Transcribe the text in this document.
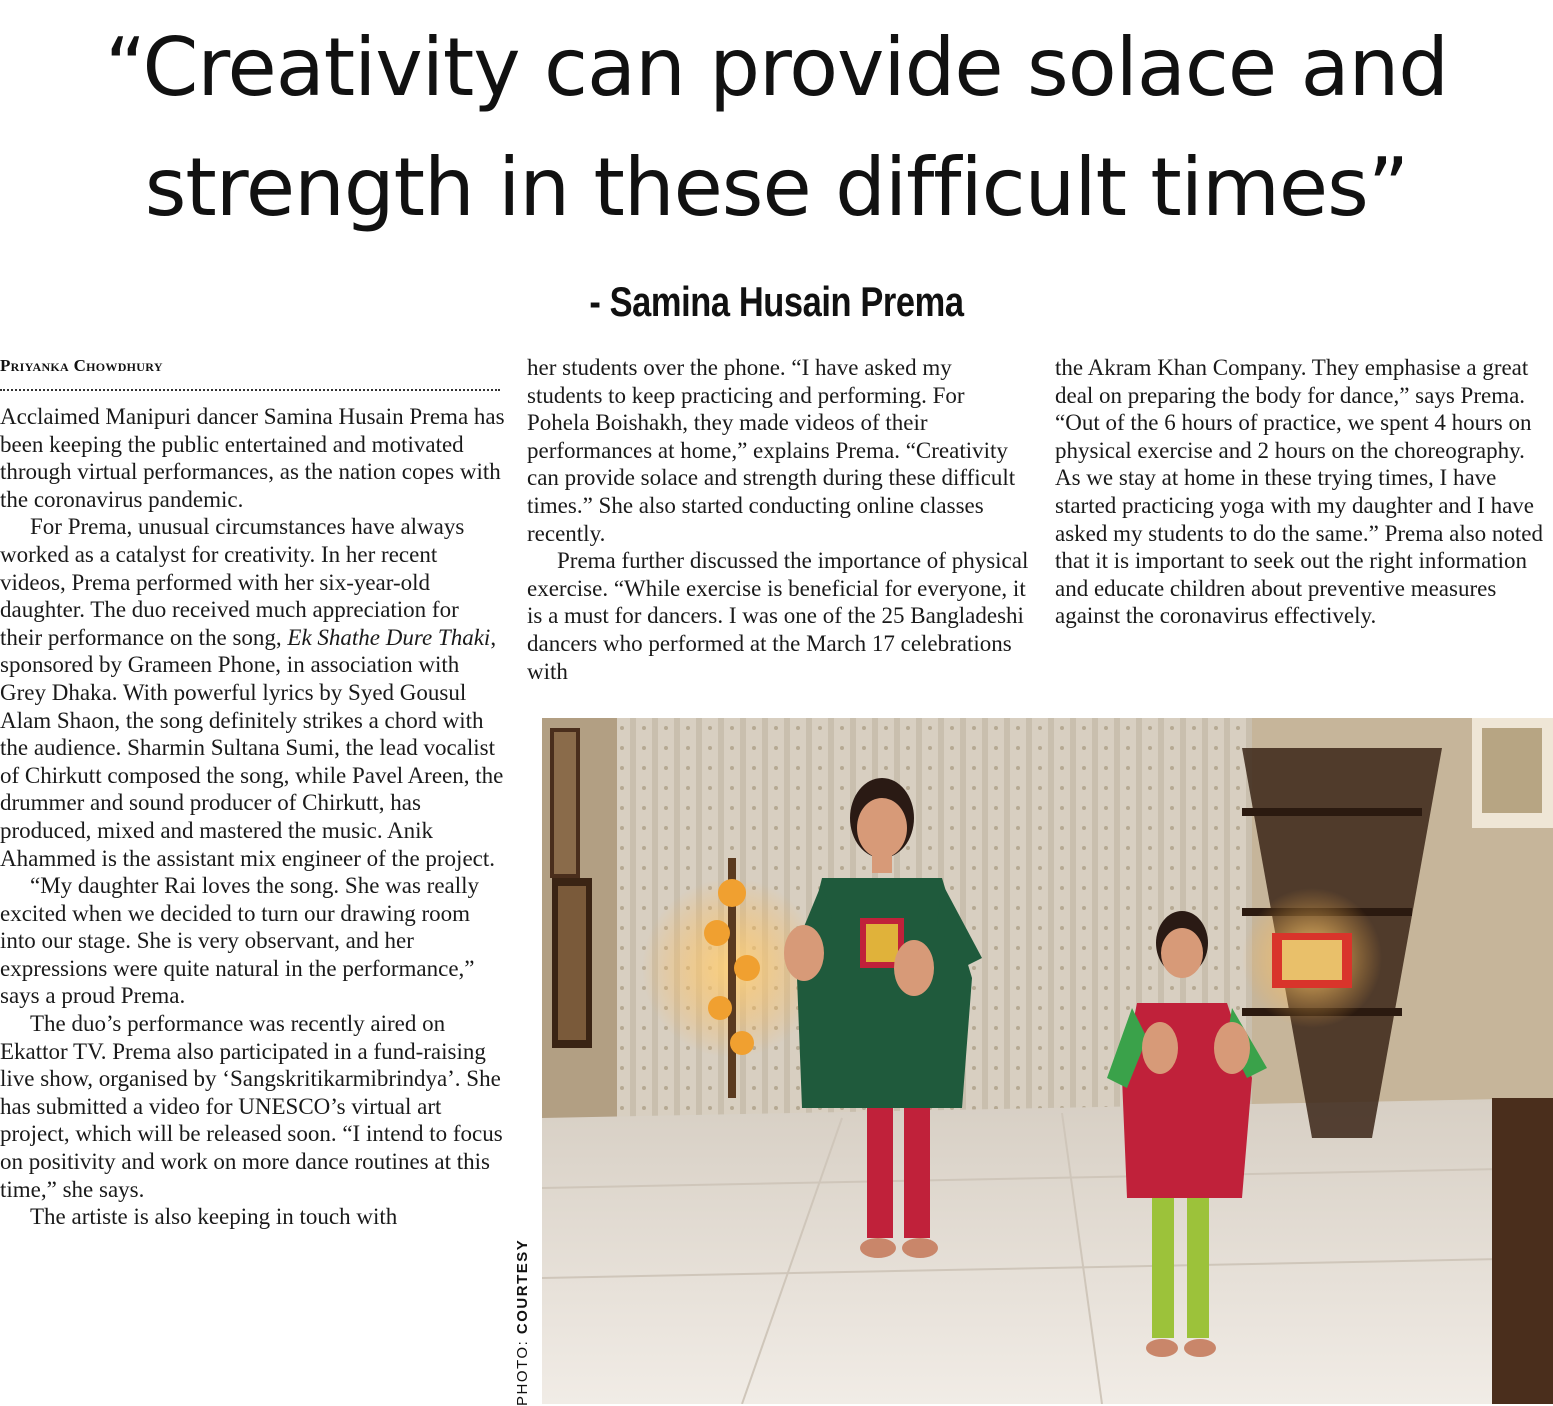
“Creativity can provide solace and
strength in these difficult times”
- Samina Husain Prema
Priyanka Chowdhury

Acclaimed Manipuri dancer Samina Husain Prema has been keeping the public entertained and motivated through virtual performances, as the nation copes with the coronavirus pandemic.

For Prema, unusual circumstances have always worked as a catalyst for creativity. In her recent videos, Prema performed with her six-year-old daughter. The duo received much appreciation for their performance on the song, Ek Shathe Dure Thaki, sponsored by Grameen Phone, in association with Grey Dhaka. With powerful lyrics by Syed Gousul Alam Shaon, the song definitely strikes a chord with the audience. Sharmin Sultana Sumi, the lead vocalist of Chirkutt composed the song, while Pavel Areen, the drummer and sound producer of Chirkutt, has produced, mixed and mastered the music. Anik Ahammed is the assistant mix engineer of the project.

“My daughter Rai loves the song. She was really excited when we decided to turn our drawing room into our stage. She is very observant, and her expressions were quite natural in the performance,” says a proud Prema.

The duo’s performance was recently aired on Ekattor TV. Prema also participated in a fund-raising live show, organised by ‘Sangskritikarmibrindya’. She has submitted a video for UNESCO’s virtual art project, which will be released soon. “I intend to focus on positivity and work on more dance routines at this time,” she says.

The artiste is also keeping in touch with

her students over the phone. “I have asked my students to keep practicing and performing. For Pohela Boishakh, they made videos of their performances at home,” explains Prema. “Creativity can provide solace and strength during these difficult times.” She also started conducting online classes recently.

Prema further discussed the importance of physical exercise. “While exercise is beneficial for everyone, it is a must for dancers. I was one of the 25 Bangladeshi dancers who performed at the March 17 celebrations with

the Akram Khan Company. They emphasise a great deal on preparing the body for dance,” says Prema. “Out of the 6 hours of practice, we spent 4 hours on physical exercise and 2 hours on the choreography. As we stay at home in these trying times, I have started practicing yoga with my daughter and I have asked my students to do the same.” Prema also noted that it is important to seek out the right information and educate children about preventive measures against the coronavirus effectively.

PHOTO: COURTESY
